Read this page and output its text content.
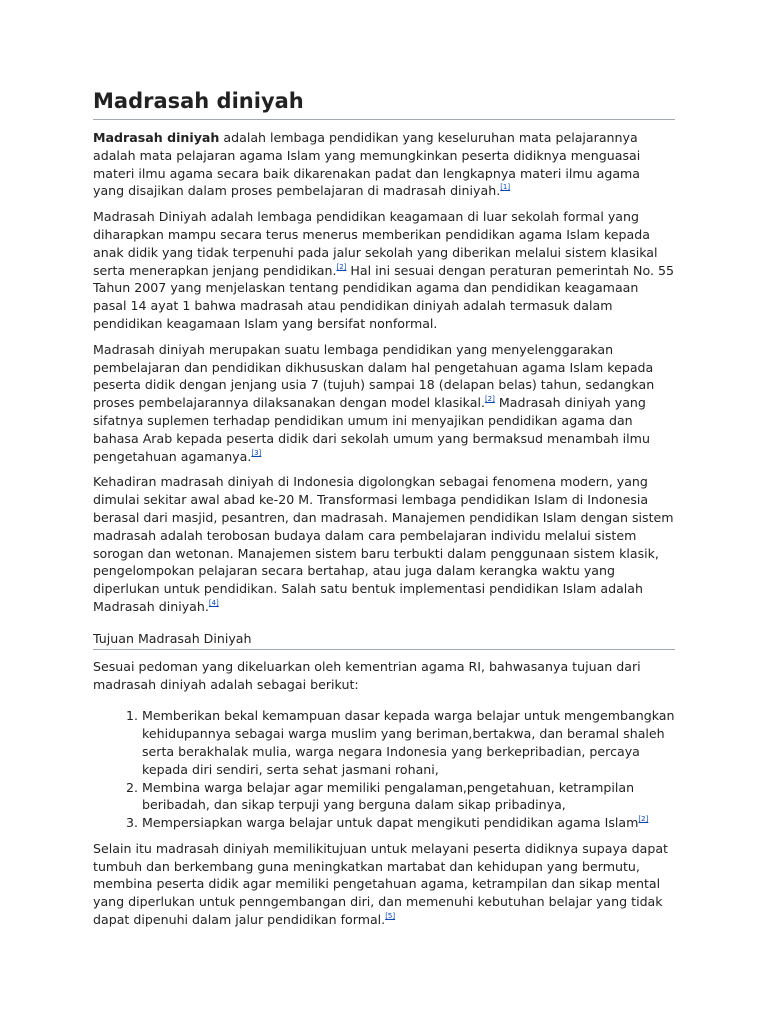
Madrasah diniyah

Madrasah diniyah adalah lembaga pendidikan yang keseluruhan mata pelajarannya adalah mata pelajaran agama Islam yang memungkinkan peserta didiknya menguasai materi ilmu agama secara baik dikarenakan padat dan lengkapnya materi ilmu agama yang disajikan dalam proses pembelajaran di madrasah diniyah.[1]

Madrasah Diniyah adalah lembaga pendidikan keagamaan di luar sekolah formal yang diharapkan mampu secara terus menerus memberikan pendidikan agama Islam kepada anak didik yang tidak terpenuhi pada jalur sekolah yang diberikan melalui sistem klasikal serta menerapkan jenjang pendidikan.[2] Hal ini sesuai dengan peraturan pemerintah No. 55 Tahun 2007 yang menjelaskan tentang pendidikan agama dan pendidikan keagamaan pasal 14 ayat 1 bahwa madrasah atau pendidikan diniyah adalah termasuk dalam pendidikan keagamaan Islam yang bersifat nonformal.

Madrasah diniyah merupakan suatu lembaga pendidikan yang menyelenggarakan pembelajaran dan pendidikan dikhususkan dalam hal pengetahuan agama Islam kepada peserta didik dengan jenjang usia 7 (tujuh) sampai 18 (delapan belas) tahun, sedangkan proses pembelajarannya dilaksanakan dengan model klasikal.[2] Madrasah diniyah yang sifatnya suplemen terhadap pendidikan umum ini menyajikan pendidikan agama dan bahasa Arab kepada peserta didik dari sekolah umum yang bermaksud menambah ilmu pengetahuan agamanya.[3]

Kehadiran madrasah diniyah di Indonesia digolongkan sebagai fenomena modern, yang dimulai sekitar awal abad ke-20 M. Transformasi lembaga pendidikan Islam di Indonesia berasal dari masjid, pesantren, dan madrasah. Manajemen pendidikan Islam dengan sistem madrasah adalah terobosan budaya dalam cara pembelajaran individu melalui sistem sorogan dan wetonan. Manajemen sistem baru terbukti dalam penggunaan sistem klasik, pengelompokan pelajaran secara bertahap, atau juga dalam kerangka waktu yang diperlukan untuk pendidikan. Salah satu bentuk implementasi pendidikan Islam adalah Madrasah diniyah.[4]

Tujuan Madrasah Diniyah

Sesuai pedoman yang dikeluarkan oleh kementrian agama RI, bahwasanya tujuan dari madrasah diniyah adalah sebagai berikut:

1. Memberikan bekal kemampuan dasar kepada warga belajar untuk mengembangkan kehidupannya sebagai warga muslim yang beriman,bertakwa, dan beramal shaleh serta berakhalak mulia, warga negara Indonesia yang berkepribadian, percaya kepada diri sendiri, serta sehat jasmani rohani,
2. Membina warga belajar agar memiliki pengalaman,pengetahuan, ketrampilan beribadah, dan sikap terpuji yang berguna dalam sikap pribadinya,
3. Mempersiapkan warga belajar untuk dapat mengikuti pendidikan agama Islam[2]

Selain itu madrasah diniyah memilikitujuan untuk melayani peserta didiknya supaya dapat tumbuh dan berkembang guna meningkatkan martabat dan kehidupan yang bermutu, membina peserta didik agar memiliki pengetahuan agama, ketrampilan dan sikap mental yang diperlukan untuk penngembangan diri, dan memenuhi kebutuhan belajar yang tidak dapat dipenuhi dalam jalur pendidikan formal.[5]
